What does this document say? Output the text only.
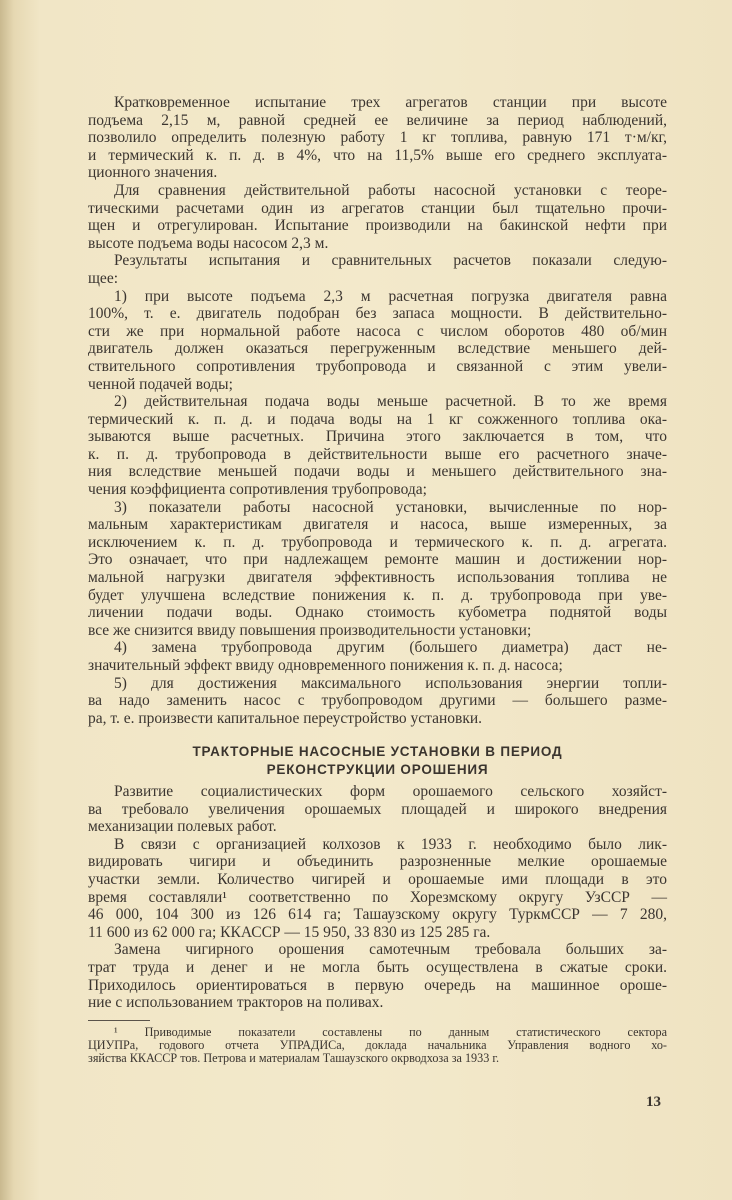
Кратковременное испытание трех агрегатов станции при высоте
подъема 2,15 м, равной средней ее величине за период наблюдений,
позволило определить полезную работу 1 кг топлива, равную 171 т·м/кг,
и термический к. п. д. в 4%, что на 11,5% выше его среднего эксплуата-
ционного значения.
Для сравнения действительной работы насосной установки с теоре-
тическими расчетами один из агрегатов станции был тщательно прочи-
щен и отрегулирован. Испытание производили на бакинской нефти при
высоте подъема воды насосом 2,3 м.
Результаты испытания и сравнительных расчетов показали следую-
щее:
1) при высоте подъема 2,3 м расчетная погрузка двигателя равна
100%, т. е. двигатель подобран без запаса мощности. В действительно-
сти же при нормальной работе насоса с числом оборотов 480 об/мин
двигатель должен оказаться перегруженным вследствие меньшего дей-
ствительного сопротивления трубопровода и связанной с этим увели-
ченной подачей воды;
2) действительная подача воды меньше расчетной. В то же время
термический к. п. д. и подача воды на 1 кг сожженного топлива ока-
зываются выше расчетных. Причина этого заключается в том, что
к. п. д. трубопровода в действительности выше его расчетного значе-
ния вследствие меньшей подачи воды и меньшего действительного зна-
чения коэффициента сопротивления трубопровода;
3) показатели работы насосной установки, вычисленные по нор-
мальным характеристикам двигателя и насоса, выше измеренных, за
исключением к. п. д. трубопровода и термического к. п. д. агрегата.
Это означает, что при надлежащем ремонте машин и достижении нор-
мальной нагрузки двигателя эффективность использования топлива не
будет улучшена вследствие понижения к. п. д. трубопровода при уве-
личении подачи воды. Однако стоимость кубометра поднятой воды
все же снизится ввиду повышения производительности установки;
4) замена трубопровода другим (большего диаметра) даст не-
значительный эффект ввиду одновременного понижения к. п. д. насоса;
5) для достижения максимального использования энергии топли-
ва надо заменить насос с трубопроводом другими — большего разме-
ра, т. е. произвести капитальное переустройство установки.
ТРАКТОРНЫЕ НАСОСНЫЕ УСТАНОВКИ В ПЕРИОД
РЕКОНСТРУКЦИИ ОРОШЕНИЯ
Развитие социалистических форм орошаемого сельского хозяйст-
ва требовало увеличения орошаемых площадей и широкого внедрения
механизации полевых работ.
В связи с организацией колхозов к 1933 г. необходимо было лик-
видировать чигири и объединить разрозненные мелкие орошаемые
участки земли. Количество чигирей и орошаемые ими площади в это
время составляли¹ соответственно по Хорезмскому округу УзССР —
46 000, 104 300 из 126 614 га; Ташаузскому округу ТуркмССР — 7 280,
11 600 из 62 000 га; ККАССР — 15 950, 33 830 из 125 285 га.
Замена чигирного орошения самотечным требовала больших за-
трат труда и денег и не могла быть осуществлена в сжатые сроки.
Приходилось ориентироваться в первую очередь на машинное ороше-
ние с использованием тракторов на поливах.
¹ Приводимые показатели составлены по данным статистического сектора
ЦИУПРа, годового отчета УПРАДИСа, доклада начальника Управления водного хо-
зяйства ККАССР тов. Петрова и материалам Ташаузского окрводхоза за 1933 г.
13
